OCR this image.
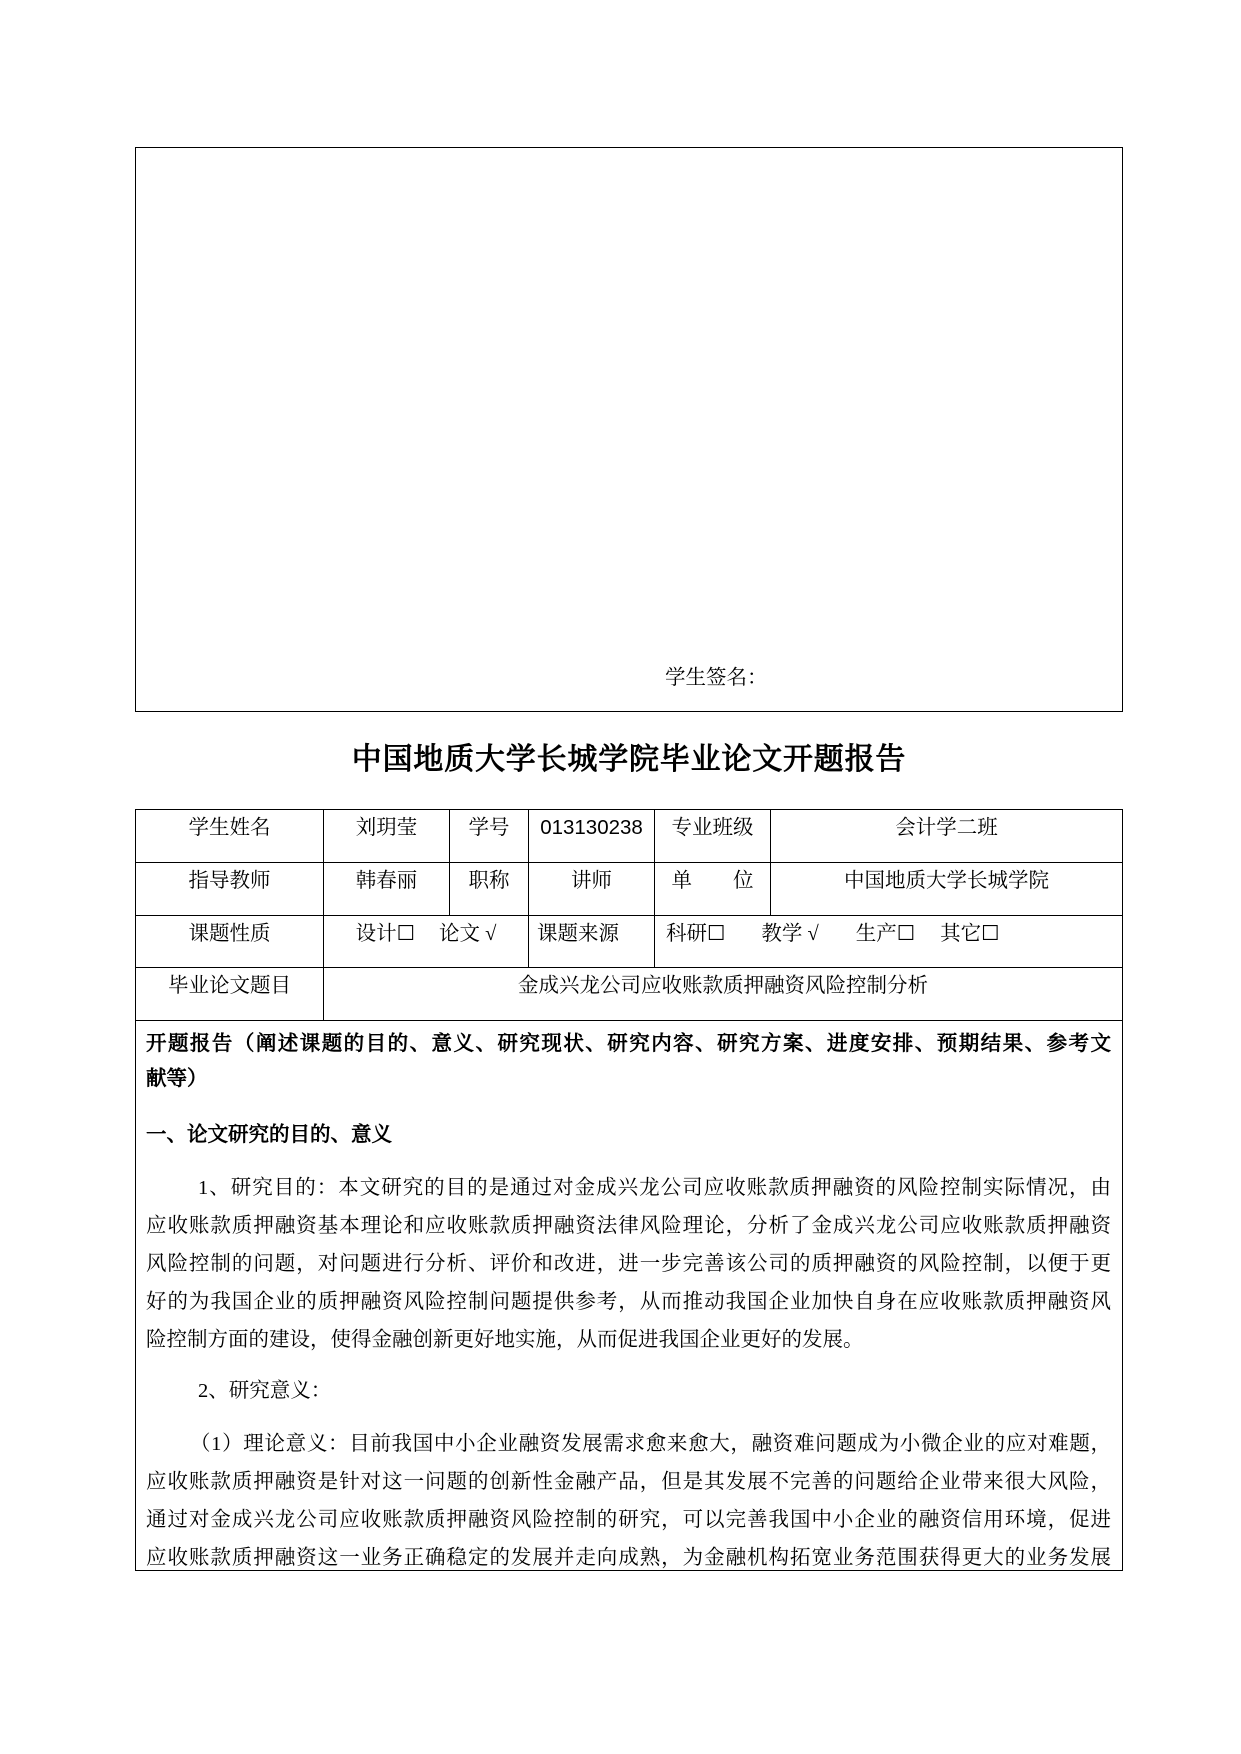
学生签名：
中国地质大学长城学院毕业论文开题报告
学生姓名	刘玥莹	学号	013130238	专业班级	会计学二班
指导教师	韩春丽	职称	讲师	单　　位	中国地质大学长城学院
课题性质	设计☐ 论文 √	课题来源	科研☐ 教学 √ 生产☐ 其它☐
毕业论文题目	金成兴龙公司应收账款质押融资风险控制分析
开题报告（阐述课题的目的、意义、研究现状、研究内容、研究方案、进度安排、预期结果、参考文
献等）
一、论文研究的目的、意义
1、研究目的：本文研究的目的是通过对金成兴龙公司应收账款质押融资的风险控制实际情况，由
应收账款质押融资基本理论和应收账款质押融资法律风险理论，分析了金成兴龙公司应收账款质押融资
风险控制的问题，对问题进行分析、评价和改进，进一步完善该公司的质押融资的风险控制，以便于更
好的为我国企业的质押融资风险控制问题提供参考，从而推动我国企业加快自身在应收账款质押融资风
险控制方面的建设，使得金融创新更好地实施，从而促进我国企业更好的发展。
2、研究意义：
（1）理论意义：目前我国中小企业融资发展需求愈来愈大，融资难问题成为小微企业的应对难题，
应收账款质押融资是针对这一问题的创新性金融产品，但是其发展不完善的问题给企业带来很大风险，
通过对金成兴龙公司应收账款质押融资风险控制的研究，可以完善我国中小企业的融资信用环境，促进
应收账款质押融资这一业务正确稳定的发展并走向成熟，为金融机构拓宽业务范围获得更大的业务发展
